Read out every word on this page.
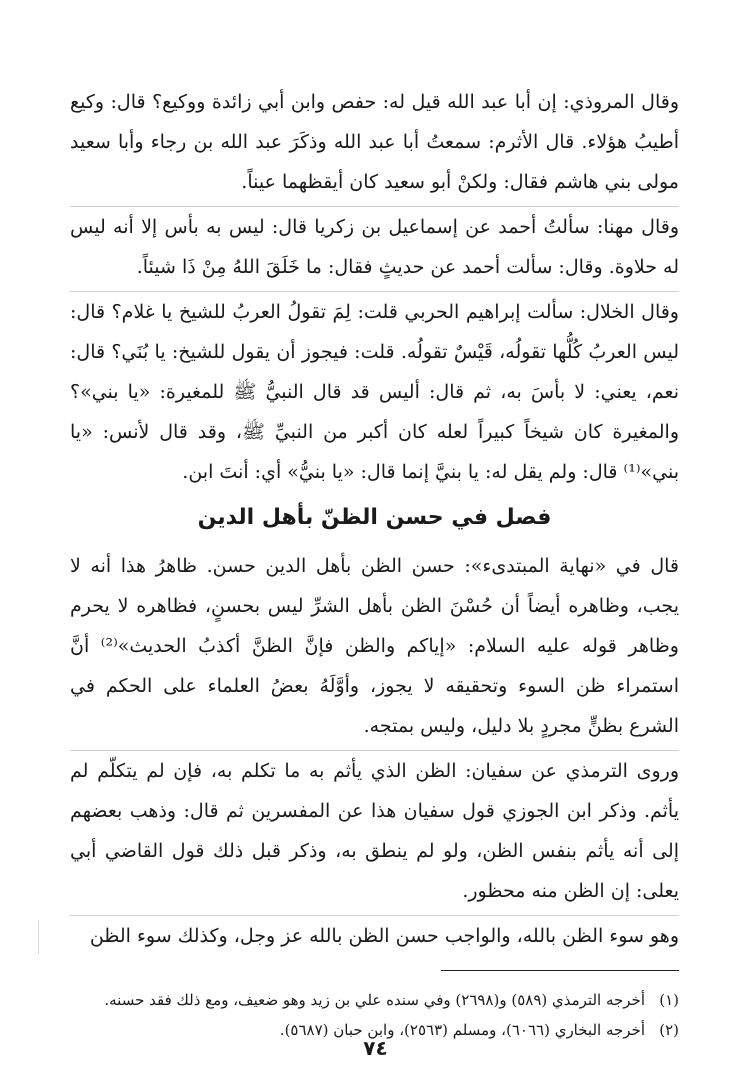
وقال المروذي: إن أبا عبد الله قيل له: حفص وابن أبي زائدة ووكيع؟ قال: وكيع أطيبُ هؤلاء. قال الأثرم: سمعتُ أبا عبد الله وذكَرَ عبد الله بن رجاء وأبا سعيد مولى بني هاشم فقال: ولكنْ أبو سعيد كان أيقظهما عيناً.

وقال مهنا: سألتُ أحمد عن إسماعيل بن زكريا قال: ليس به بأس إلا أنه ليس له حلاوة. وقال: سألت أحمد عن حديثٍ فقال: ما خَلَقَ اللهُ مِنْ ذَا شيئاً.

وقال الخلال: سألت إبراهيم الحربي قلت: لِمَ تقولُ العربُ للشيخ يا غلام؟ قال: ليس العربُ كُلُّها تقولُه، قَيْسٌ تقولُه. قلت: فيجوز أن يقول للشيخ: يا بُنَي؟ قال: نعم، يعني: لا بأسَ به، ثم قال: أليس قد قال النبيُّ ﷺ للمغيرة: «يا بني»؟ والمغيرة كان شيخاً كبيراً لعله كان أكبر من النبيِّ ﷺ، وقد قال لأنس: «يا بني»⁽¹⁾ قال: ولم يقل له: يا بنيَّ إنما قال: «يا بنيُّ» أي: أنتَ ابن.

فصل في حسن الظنّ بأهل الدين

قال في «نهاية المبتدىء»: حسن الظن بأهل الدين حسن. ظاهرُ هذا أنه لا يجب، وظاهره أيضاً أن حُسْنَ الظن بأهل الشرِّ ليس بحسنٍ، فظاهره لا يحرم وظاهر قوله عليه السلام: «إياكم والظن فإنَّ الظنَّ أكذبُ الحديث»⁽²⁾ أنَّ استمراء ظن السوء وتحقيقه لا يجوز، وأوَّلَهُ بعضُ العلماء على الحكم في الشرع بظنٍّ مجردٍ بلا دليل، وليس بمتجه.

وروى الترمذي عن سفيان: الظن الذي يأثم به ما تكلم به، فإن لم يتكلّم لم يأثم. وذكر ابن الجوزي قول سفيان هذا عن المفسرين ثم قال: وذهب بعضهم إلى أنه يأثم بنفس الظن، ولو لم ينطق به، وذكر قبل ذلك قول القاضي أبي يعلى: إن الظن منه محظور.

وهو سوء الظن بالله، والواجب حسن الظن بالله عز وجل، وكذلك سوء الظن

(١)
أخرجه الترمذي (٥٨٩) و(٢٦٩٨) وفي سنده علي بن زيد وهو ضعيف، ومع ذلك فقد حسنه.
(٢)
أخرجه البخاري (٦٠٦٦)، ومسلم (٢٥٦٣)، وابن حبان (٥٦٨٧).
٧٤
